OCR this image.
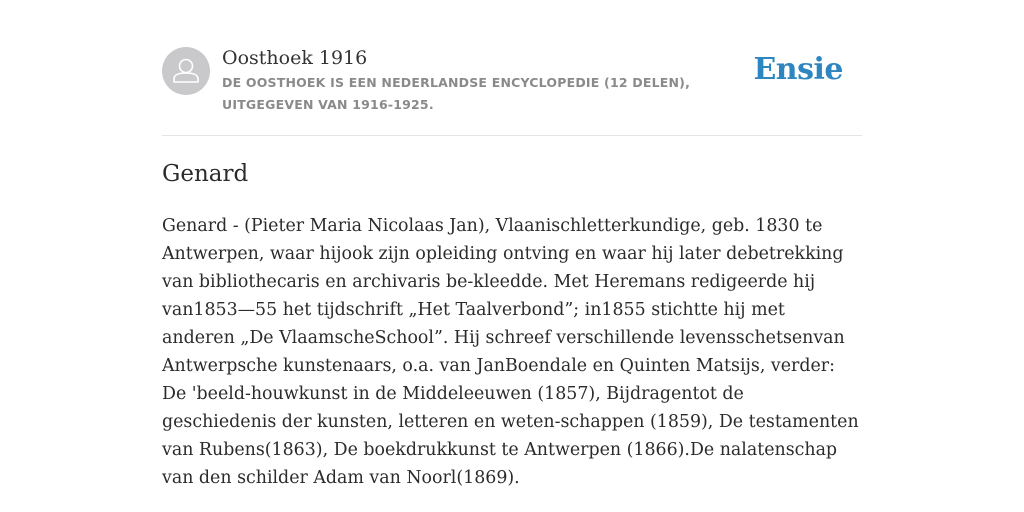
Oosthoek 1916
DE OOSTHOEK IS EEN NEDERLANDSE ENCYCLOPEDIE (12 DELEN), UITGEGEVEN VAN 1916-1925.
Ensie
Genard

Genard - (Pieter Maria Nicolaas Jan), Vlaanischletterkundige, geb. 1830 te Antwerpen, waar hijook zijn opleiding ontving en waar hij later debetrekking van bibliothecaris en archivaris be-kleedde. Met Heremans redigeerde hij van1853—55 het tijdschrift „Het Taalverbond”; in1855 stichtte hij met anderen „De VlaamscheSchool”. Hij schreef verschillende levensschetsenvan Antwerpsche kunstenaars, o.a. van JanBoendale en Quinten Matsijs, verder: De 'beeld-houwkunst in de Middeleeuwen (1857), Bijdragentot de geschiedenis der kunsten, letteren en weten-schappen (1859), De testamenten van Rubens(1863), De boekdrukkunst te Antwerpen (1866).De nalatenschap van den schilder Adam van Noorl(1869).
